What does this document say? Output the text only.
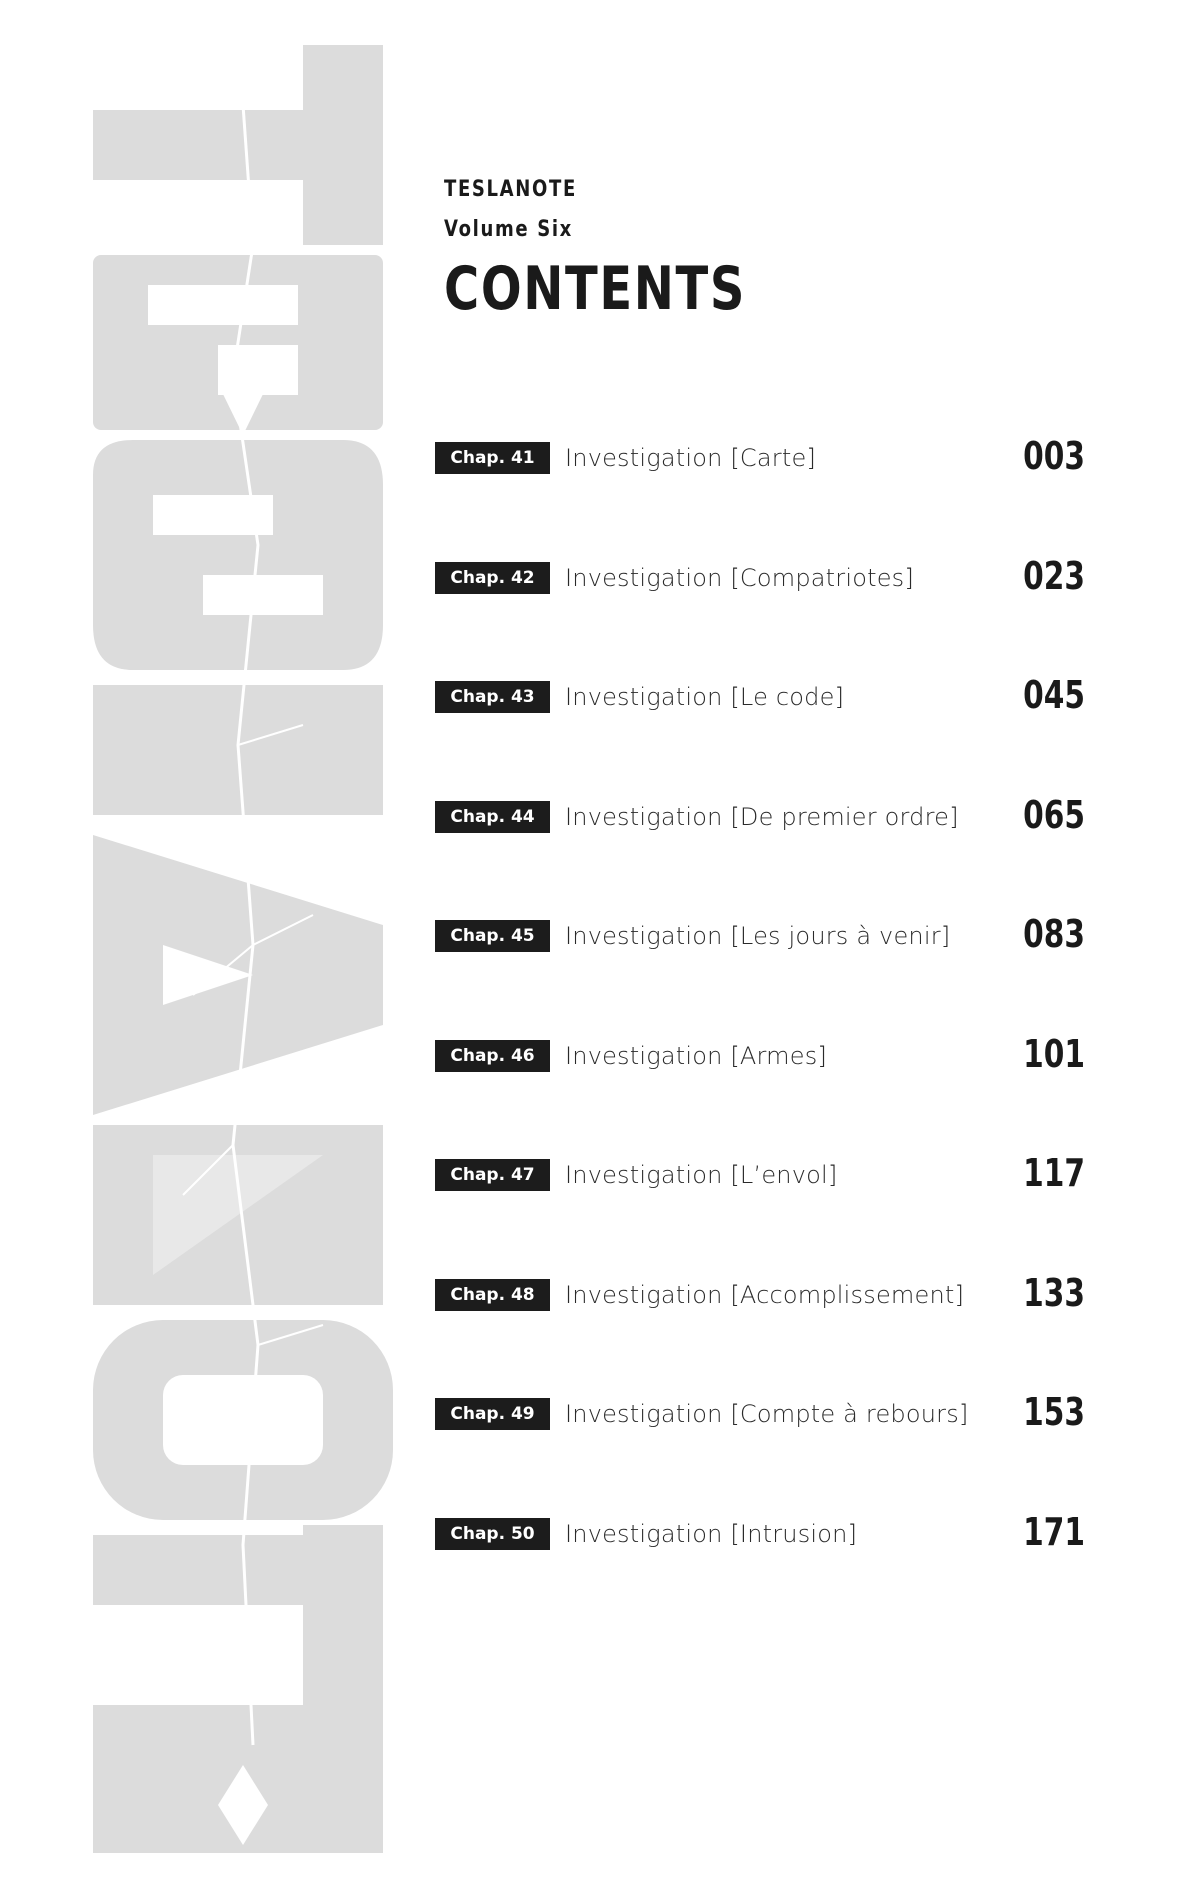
TESLANOTE
Volume Six
CONTENTS
Chap. 41	Investigation [Carte]	003
Chap. 42	Investigation [Compatriotes]	023
Chap. 43	Investigation [Le code]	045
Chap. 44	Investigation [De premier ordre] 065
Chap. 45	Investigation [Les jours à venir] 083
Chap. 46	Investigation [Armes]	101
Chap. 47	Investigation [L’envol]	117
Chap. 48	Investigation [Accomplissement] 133
Chap. 49	Investigation [Compte à rebours] 153
Chap. 50	Investigation [Intrusion]	171
